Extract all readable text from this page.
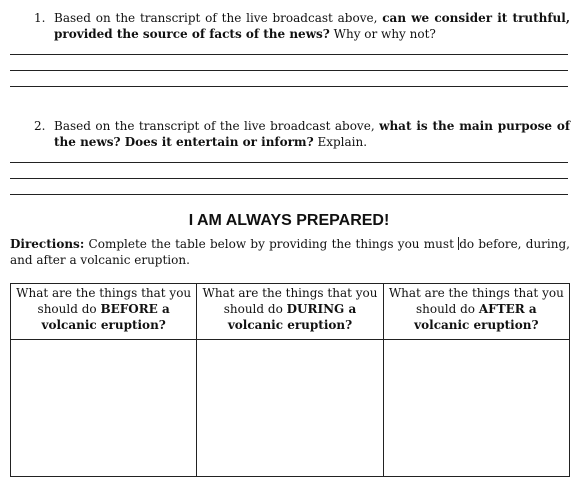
1. Based on the transcript of the live broadcast above, can we consider it truthful, provided the source of facts of the news? Why or why not?
2. Based on the transcript of the live broadcast above, what is the main purpose of the news? Does it entertain or inform? Explain.
I AM ALWAYS PREPARED!
Directions: Complete the table below by providing the things you must do before, during, and after a volcanic eruption.
What are the things that you should do BEFORE a volcanic eruption?	What are the things that you should do DURING a volcanic eruption?	What are the things that you should do AFTER a volcanic eruption?
